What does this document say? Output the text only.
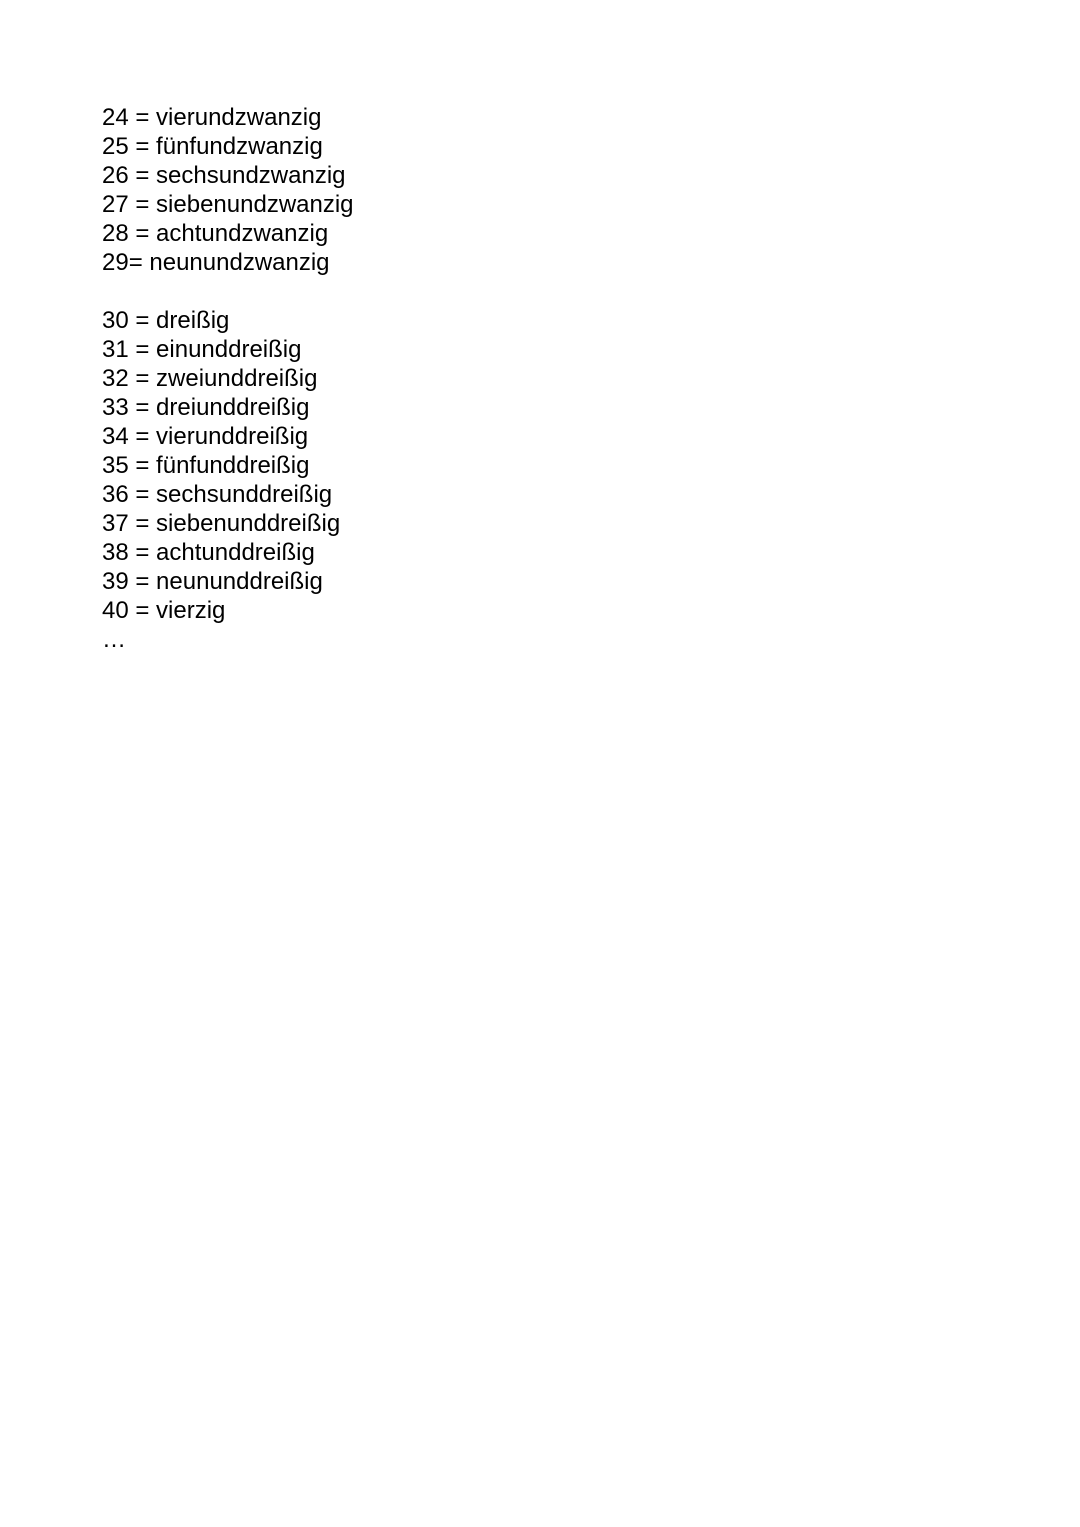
24 = vierundzwanzig
25 = fünfundzwanzig
26 = sechsundzwanzig
27 = siebenundzwanzig
28 = achtundzwanzig
29= neunundzwanzig
30 = dreißig
31 = einunddreißig
32 = zweiunddreißig
33 = dreiunddreißig
34 = vierunddreißig
35 = fünfunddreißig
36 = sechsunddreißig
37 = siebenunddreißig
38 = achtunddreißig
39 = neununddreißig
40 = vierzig
…
